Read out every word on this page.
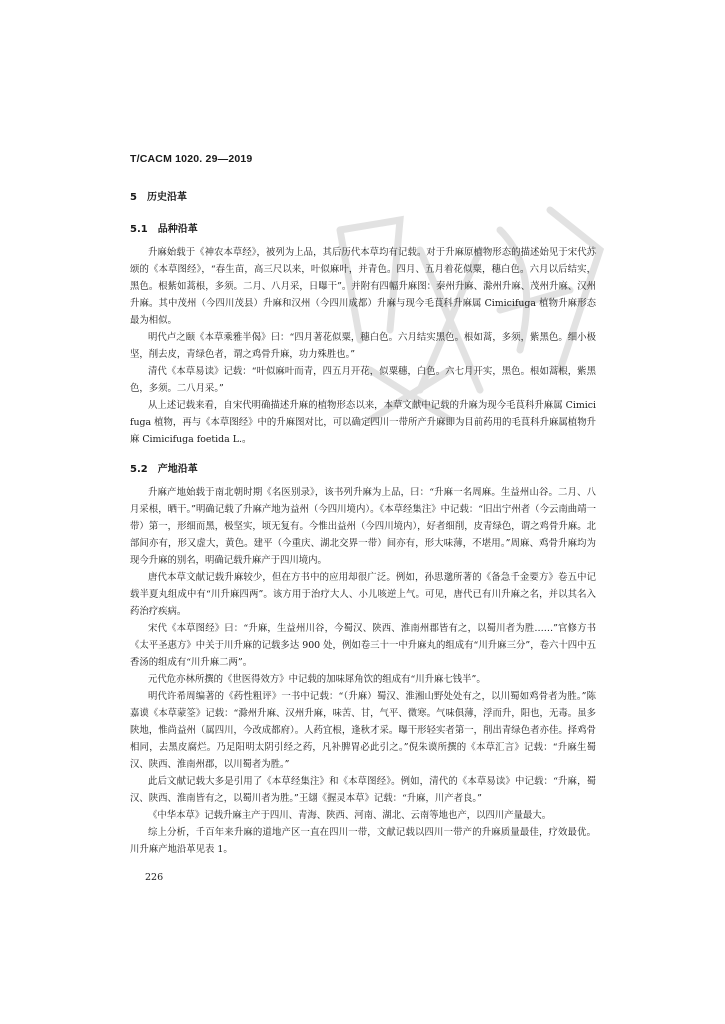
T/CACM 1020. 29—2019
5　历史沿革
5.1　品种沿革

升麻始载于《神农本草经》，被列为上品，其后历代本草均有记载。对于升麻原植物形态的描述始见于宋代苏颂的《本草图经》，“春生苗，高三尺以来，叶似麻叶，并青色。四月、五月着花似粟，穗白色。六月以后结实，黑色。根紫如蒿根，多须。二月、八月采，日曝干”。并附有四幅升麻图：秦州升麻、滁州升麻、茂州升麻、汉州升麻。其中茂州（今四川茂县）升麻和汉州（今四川成都）升麻与现今毛茛科升麻属 Cimicifuga 植物升麻形态最为相似。

明代卢之颐《本草乘雅半偈》曰：“四月著花似粟，穗白色。六月结实黑色。根如蒿，多须，紫黑色。细小极坚，削去皮，青绿色者，谓之鸡骨升麻，功力殊胜也。”

清代《本草易读》记载：“叶似麻叶而青，四五月开花，似粟穗，白色。六七月开实，黑色。根如蒿根，紫黑色，多须。二八月采。”

从上述记载来看，自宋代明确描述升麻的植物形态以来，本草文献中记载的升麻为现今毛茛科升麻属 Cimicifuga 植物，再与《本草图经》中的升麻图对比，可以确定四川一带所产升麻即为目前药用的毛茛科升麻属植物升麻 Cimicifuga foetida L.。

5.2　产地沿革

升麻产地始载于南北朝时期《名医别录》，该书列升麻为上品，曰：“升麻一名周麻。生益州山谷。二月、八月采根，晒干。”明确记载了升麻产地为益州（今四川境内）。《本草经集注》中记载：“旧出宁州者（今云南曲靖一带）第一，形细而黑，极坚实，顷无复有。今惟出益州（今四川境内），好者细削，皮青绿色，谓之鸡骨升麻。北部间亦有，形又虚大，黄色。建平（今重庆、湖北交界一带）间亦有，形大味薄，不堪用。”周麻、鸡骨升麻均为现今升麻的别名，明确记载升麻产于四川境内。

唐代本草文献记载升麻较少，但在方书中的应用却很广泛。例如，孙思邈所著的《备急千金要方》卷五中记载半夏丸组成中有“川升麻四两”。该方用于治疗大人、小儿咳逆上气。可见，唐代已有川升麻之名，并以其名入药治疗疾病。

宋代《本草图经》曰：“升麻，生益州川谷，今蜀汉、陕西、淮南州郡皆有之，以蜀川者为胜……”官修方书《太平圣惠方》中关于川升麻的记载多达 900 处，例如卷三十一中升麻丸的组成有“川升麻三分”，卷六十四中五香汤的组成有“川升麻二两”。

元代危亦林所撰的《世医得效方》中记载的加味犀角饮的组成有“川升麻七钱半”。

明代许希周编著的《药性粗评》一书中记载：“（升麻）蜀汉、淮湘山野处处有之，以川蜀如鸡骨者为胜。”陈嘉谟《本草蒙筌》记载：“滁州升麻、汉州升麻，味苦、甘，气平、微寒。气味俱薄，浮而升，阳也，无毒。虽多陕地，惟尚益州（属四川，今改成都府）。人药宜根，逢秋才采。曝干形轻实者第一，削出青绿色者亦佳。择鸡骨相同，去黑皮腐烂。乃足阳明太阴引经之药，凡补脾胃必此引之。”倪朱谟所撰的《本草汇言》记载：“升麻生蜀汉、陕西、淮南州郡，以川蜀者为胜。”

此后文献记载大多是引用了《本草经集注》和《本草图经》。例如，清代的《本草易读》中记载：“升麻，蜀汉、陕西、淮南皆有之，以蜀川者为胜。”王翃《握灵本草》记载：“升麻，川产者良。”

《中华本草》记载升麻主产于四川、青海、陕西、河南、湖北、云南等地也产，以四川产量最大。

综上分析，千百年来升麻的道地产区一直在四川一带，文献记载以四川一带产的升麻质量最佳，疗效最优。川升麻产地沿革见表 1。

226
